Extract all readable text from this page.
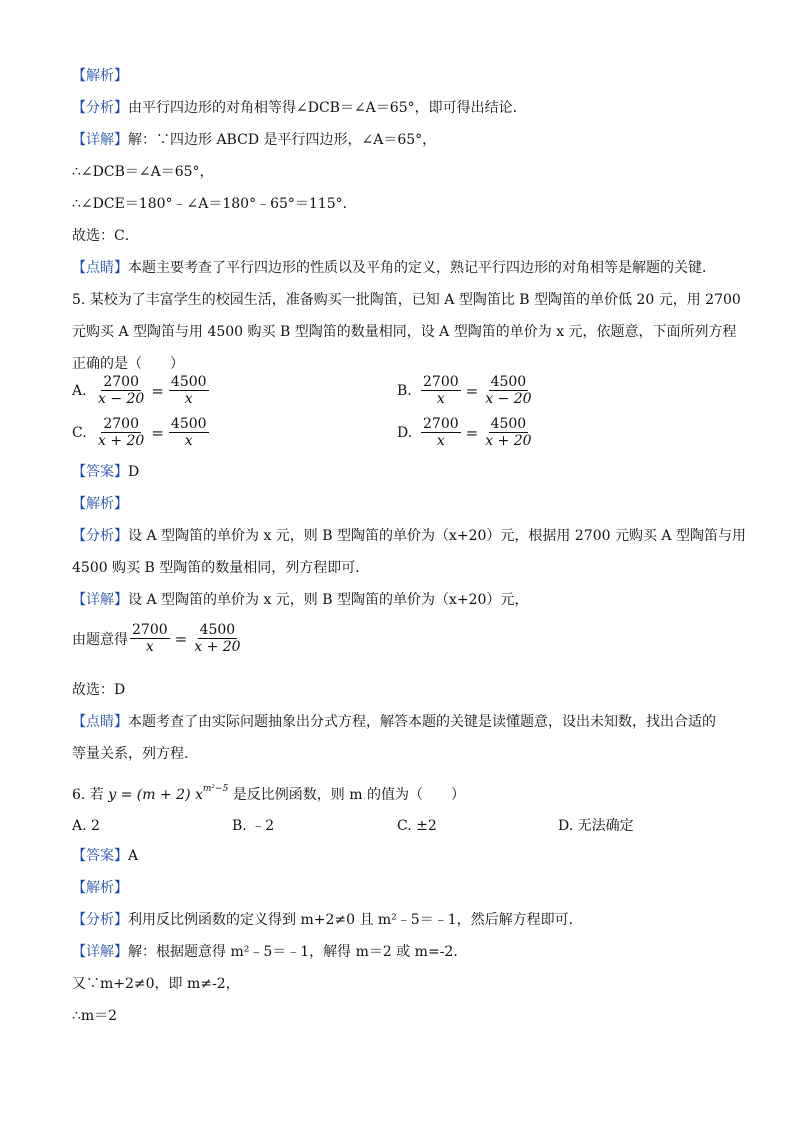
【解析】
【分析】由平行四边形的对角相等得∠DCB＝∠A＝65°，即可得出结论．
【详解】解：∵四边形 ABCD 是平行四边形，∠A＝65°，
∴∠DCB＝∠A＝65°，
∴∠DCE＝180°﹣∠A＝180°﹣65°＝115°．
故选：C．
【点睛】本题主要考查了平行四边形的性质以及平角的定义，熟记平行四边形的对角相等是解题的关键．
5. 某校为了丰富学生的校园生活，准备购买一批陶笛，已知 A 型陶笛比 B 型陶笛的单价低 20 元，用 2700
元购买 A 型陶笛与用 4500 购买 B 型陶笛的数量相同，设 A 型陶笛的单价为 x 元，依题意，下面所列方程
正确的是（　　）
A. $\frac{2700}{x - 20} = \frac{4500}{x}$	B. $\frac{2700}{x} = \frac{4500}{x - 20}$
C. $\frac{2700}{x + 20} = \frac{4500}{x}$	D. $\frac{2700}{x} = \frac{4500}{x + 20}$
【答案】D
【解析】
【分析】设 A 型陶笛的单价为 x 元，则 B 型陶笛的单价为（x+20）元，根据用 2700 元购买 A 型陶笛与用
4500 购买 B 型陶笛的数量相同，列方程即可．
【详解】设 A 型陶笛的单价为 x 元，则 B 型陶笛的单价为（x+20）元，
由题意得 $\frac{2700}{x} = \frac{4500}{x + 20}$
故选：D
【点睛】本题考查了由实际问题抽象出分式方程，解答本题的关键是读懂题意，设出未知数，找出合适的
等量关系，列方程.
6. 若 y = (m + 2) $x^{m^2-5}$ 是反比例函数，则 m 的值为（　　）
A. 2	B. ﹣2	C. ±2	D. 无法确定
【答案】A
【解析】
【分析】利用反比例函数的定义得到 m+2≠0 且 m²﹣5＝﹣1，然后解方程即可．
【详解】解：根据题意得 m²﹣5＝﹣1，解得 m＝2 或 m=-2．
又∵m+2≠0，即 m≠-2，
∴m＝2
